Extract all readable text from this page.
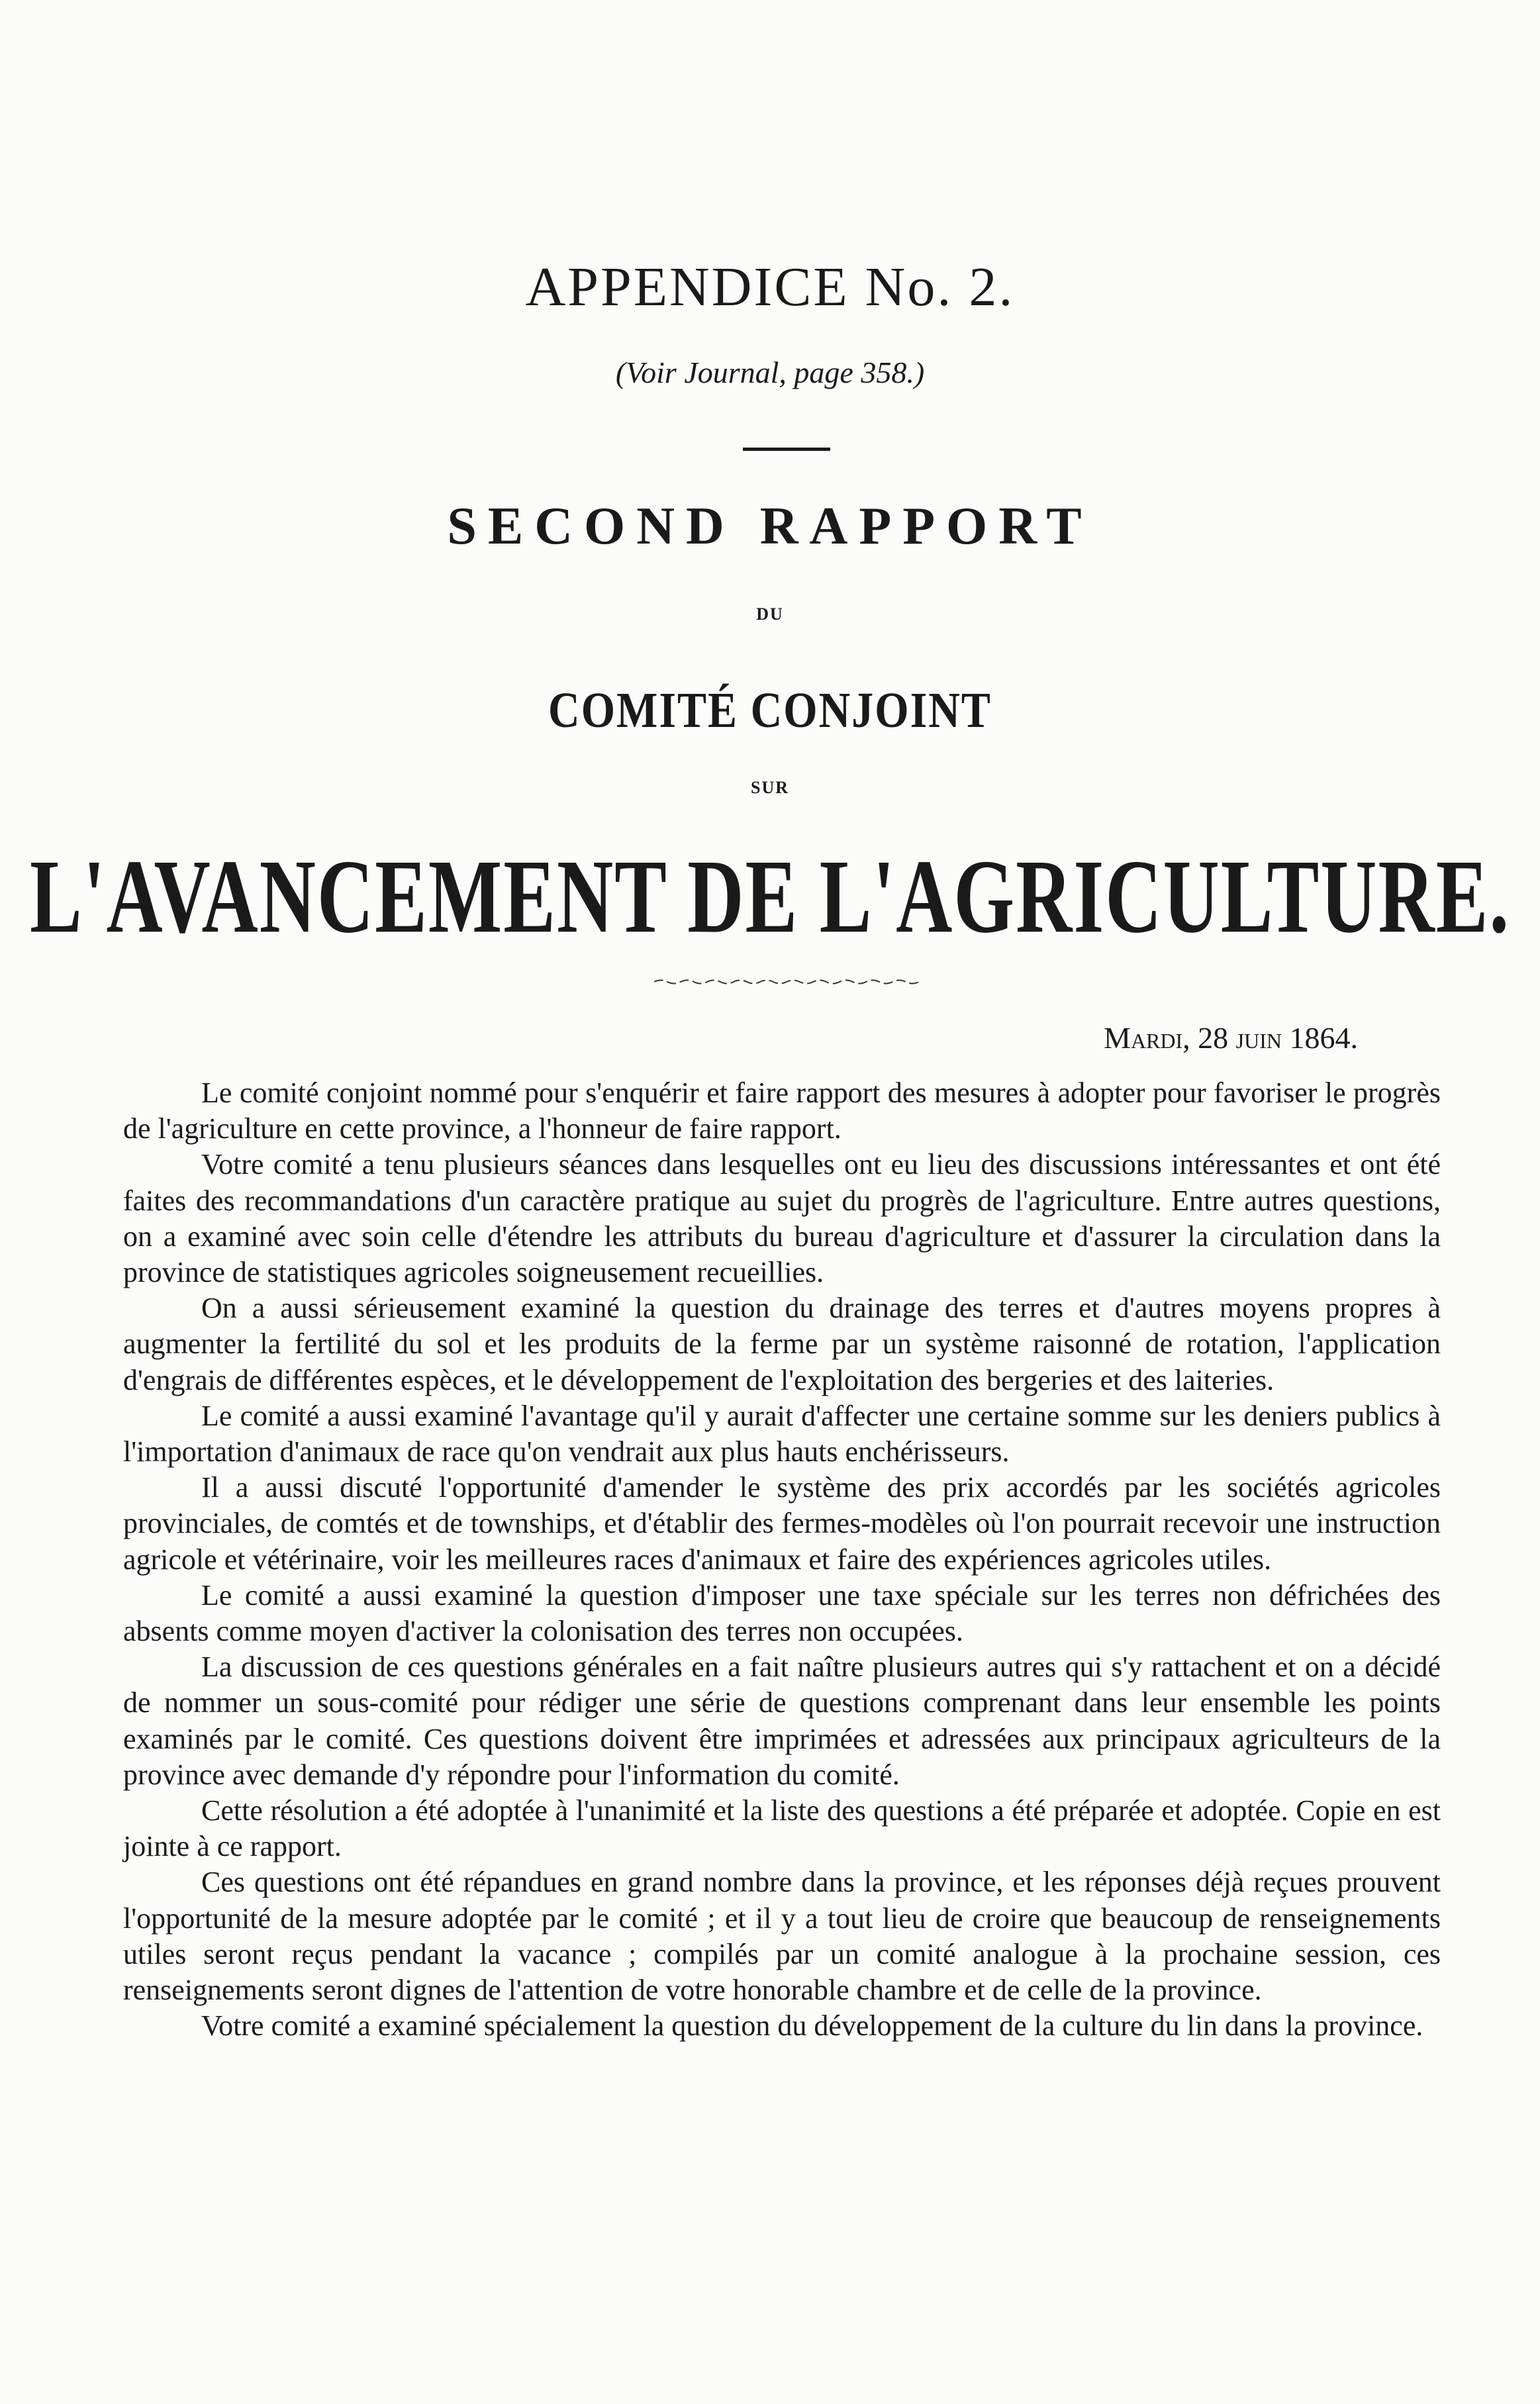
APPENDICE No. 2.
(Voir Journal, page 358.)
SECOND RAPPORT
DU
COMITÉ CONJOINT
SUR
L'AVANCEMENT DE L'AGRICULTURE.
Mardi, 28 juin 1864.

Le comité conjoint nommé pour s'enquérir et faire rapport des mesures à adopter pour favoriser le progrès de l'agriculture en cette province, a l'honneur de faire rapport.

Votre comité a tenu plusieurs séances dans lesquelles ont eu lieu des discussions intéressantes et ont été faites des recommandations d'un caractère pratique au sujet du progrès de l'agriculture. Entre autres questions, on a examiné avec soin celle d'étendre les attributs du bureau d'agriculture et d'assurer la circulation dans la province de statistiques agricoles soigneusement recueillies.

On a aussi sérieusement examiné la question du drainage des terres et d'autres moyens propres à augmenter la fertilité du sol et les produits de la ferme par un système raisonné de rotation, l'application d'engrais de différentes espèces, et le développement de l'exploitation des bergeries et des laiteries.

Le comité a aussi examiné l'avantage qu'il y aurait d'affecter une certaine somme sur les deniers publics à l'importation d'animaux de race qu'on vendrait aux plus hauts enchérisseurs.

Il a aussi discuté l'opportunité d'amender le système des prix accordés par les sociétés agricoles provinciales, de comtés et de townships, et d'établir des fermes-modèles où l'on pourrait recevoir une instruction agricole et vétérinaire, voir les meilleures races d'animaux et faire des expériences agricoles utiles.

Le comité a aussi examiné la question d'imposer une taxe spéciale sur les terres non défrichées des absents comme moyen d'activer la colonisation des terres non occupées.

La discussion de ces questions générales en a fait naître plusieurs autres qui s'y rattachent et on a décidé de nommer un sous-comité pour rédiger une série de questions comprenant dans leur ensemble les points examinés par le comité. Ces questions doivent être imprimées et adressées aux principaux agriculteurs de la province avec demande d'y répondre pour l'information du comité.

Cette résolution a été adoptée à l'unanimité et la liste des questions a été préparée et adoptée. Copie en est jointe à ce rapport.

Ces questions ont été répandues en grand nombre dans la province, et les réponses déjà reçues prouvent l'opportunité de la mesure adoptée par le comité ; et il y a tout lieu de croire que beaucoup de renseignements utiles seront reçus pendant la vacance ; compilés par un comité analogue à la prochaine session, ces renseignements seront dignes de l'attention de votre honorable chambre et de celle de la province.

Votre comité a examiné spécialement la question du développement de la culture du lin dans la province.
